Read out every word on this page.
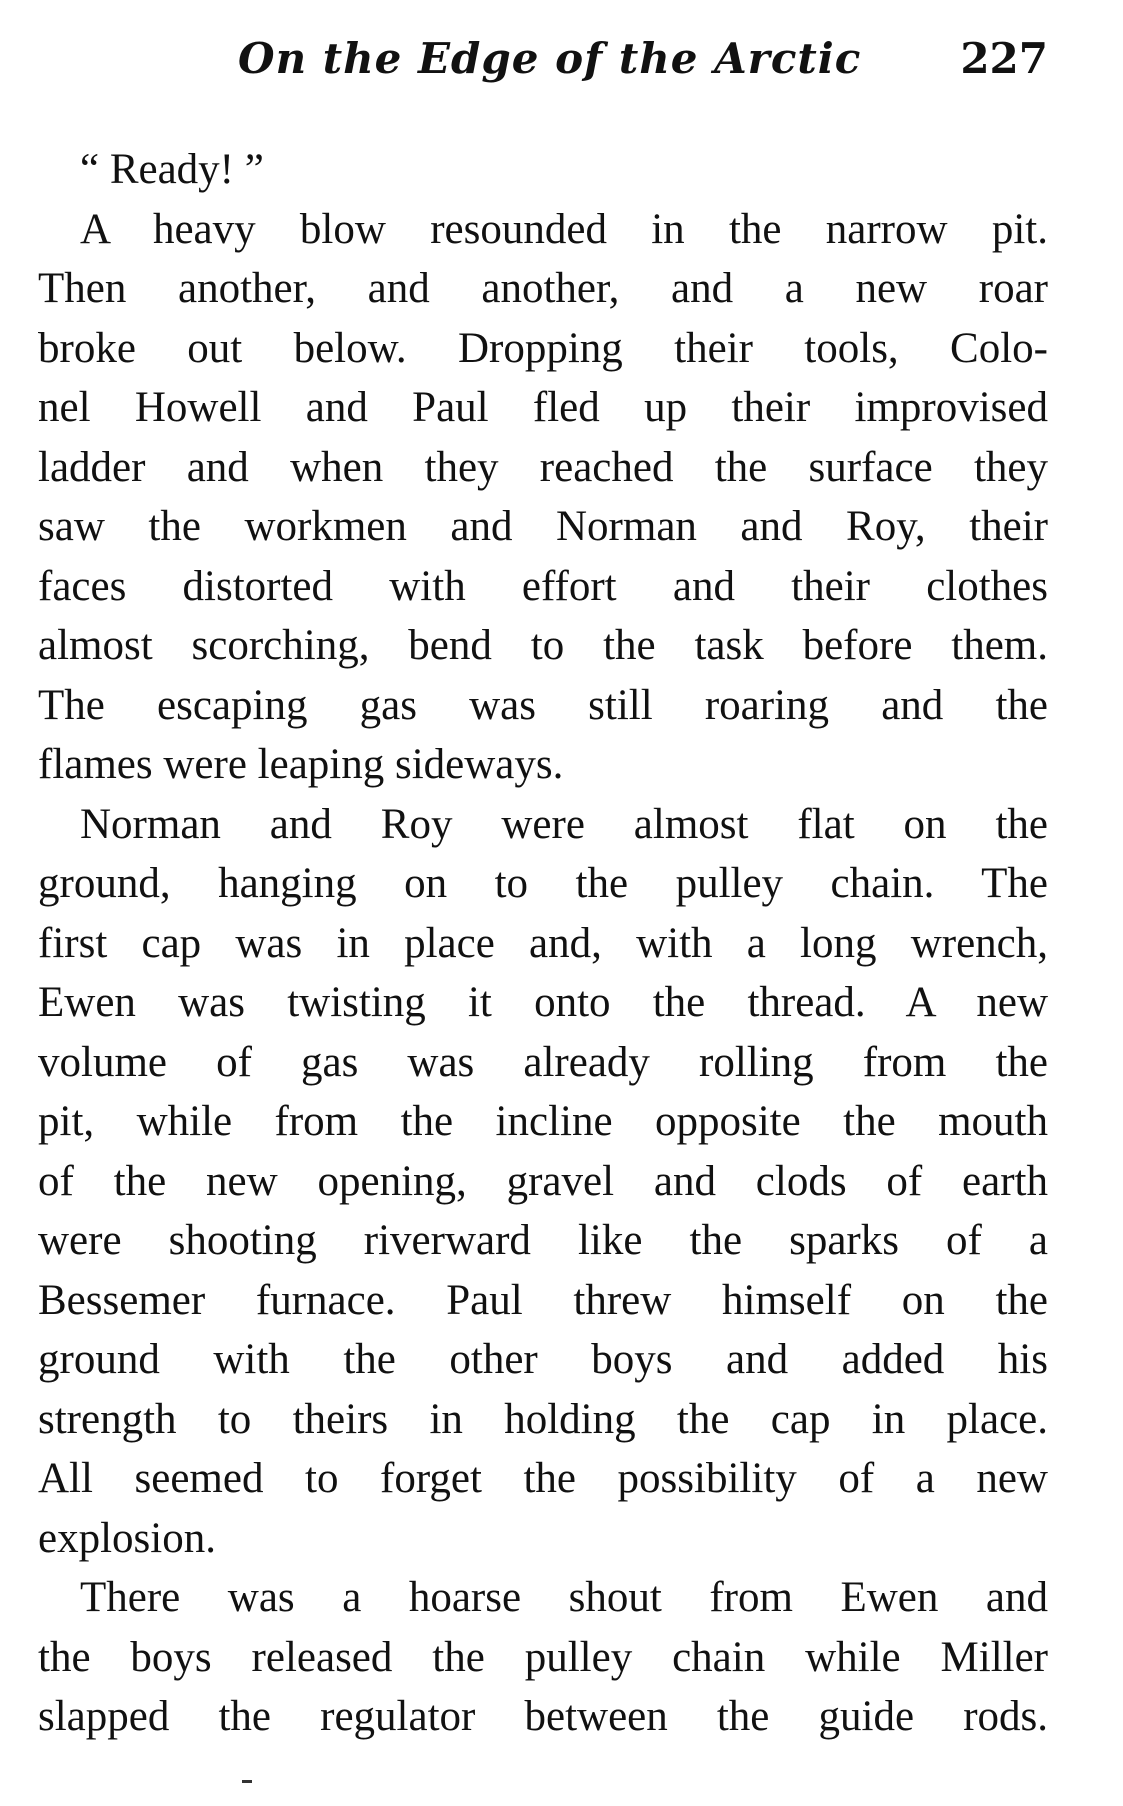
On the Edge of the Arctic 227

“ Ready! ”

A heavy blow resounded in the narrow pit.
Then another, and another, and a new roar
broke out below. Dropping their tools, Colo-
nel Howell and Paul fled up their improvised
ladder and when they reached the surface they
saw the workmen and Norman and Roy, their
faces distorted with effort and their clothes
almost scorching, bend to the task before them.
The escaping gas was still roaring and the
flames were leaping sideways.

Norman and Roy were almost flat on the
ground, hanging on to the pulley chain. The
first cap was in place and, with a long wrench,
Ewen was twisting it onto the thread. A new
volume of gas was already rolling from the
pit, while from the incline opposite the mouth
of the new opening, gravel and clods of earth
were shooting riverward like the sparks of a
Bessemer furnace. Paul threw himself on the
ground with the other boys and added his
strength to theirs in holding the cap in place.
All seemed to forget the possibility of a new
explosion.

There was a hoarse shout from Ewen and
the boys released the pulley chain while Miller
slapped the regulator between the guide rods.
